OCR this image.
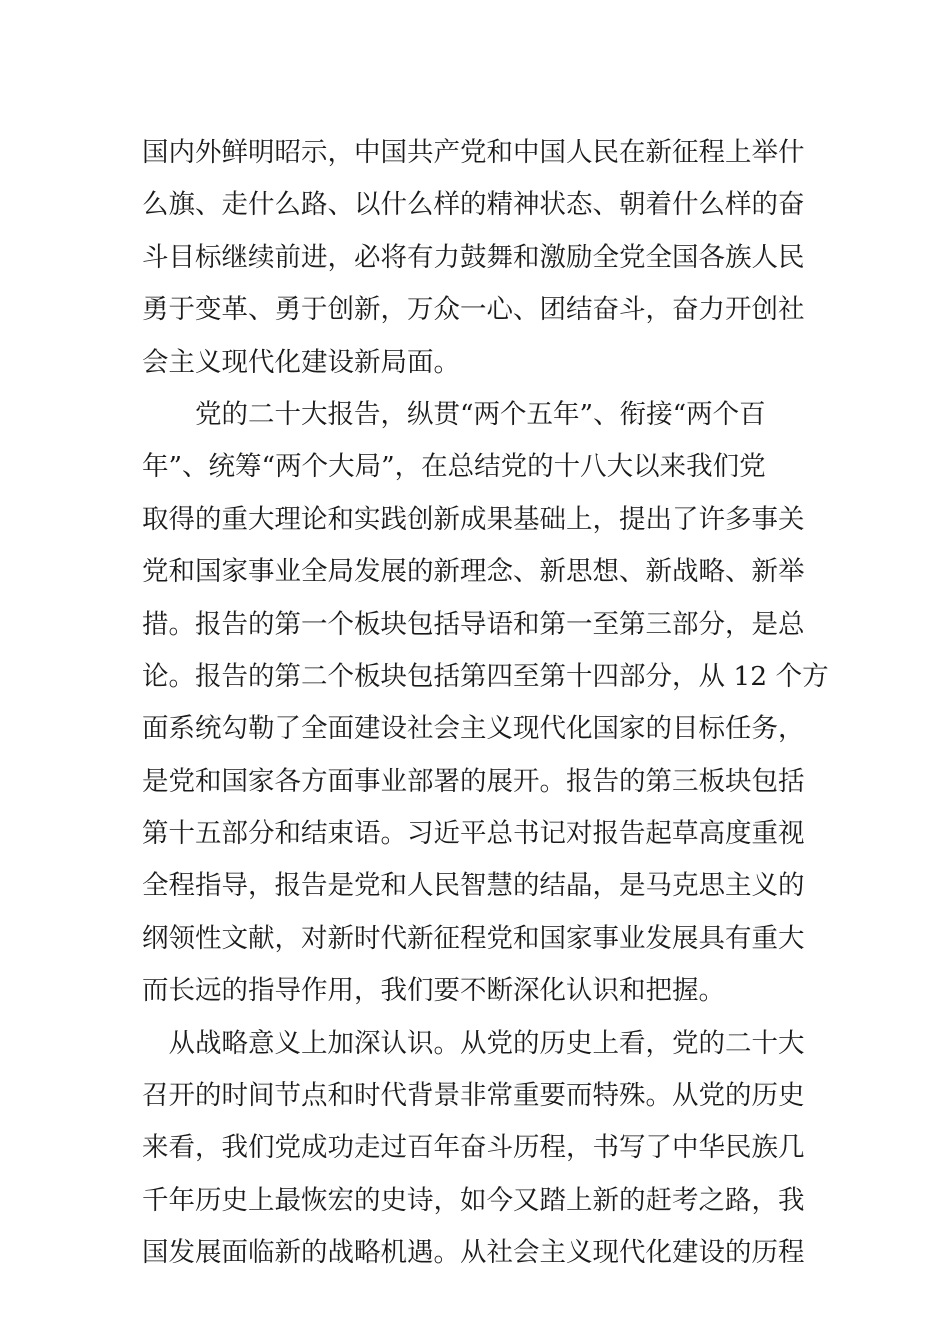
国内外鲜明昭示，中国共产党和中国人民在新征程上举什
么旗、走什么路、以什么样的精神状态、朝着什么样的奋
斗目标继续前进，必将有力鼓舞和激励全党全国各族人民
勇于变革、勇于创新，万众一心、团结奋斗，奋力开创社
会主义现代化建设新局面。
　　党的二十大报告，纵贯“两个五年”、衔接“两个百
年”、统筹“两个大局”，在总结党的十八大以来我们党
取得的重大理论和实践创新成果基础上，提出了许多事关
党和国家事业全局发展的新理念、新思想、新战略、新举
措。报告的第一个板块包括导语和第一至第三部分，是总
论。报告的第二个板块包括第四至第十四部分，从 12 个方
面系统勾勒了全面建设社会主义现代化国家的目标任务，
是党和国家各方面事业部署的展开。报告的第三板块包括
第十五部分和结束语。习近平总书记对报告起草高度重视
全程指导，报告是党和人民智慧的结晶，是马克思主义的
纲领性文献，对新时代新征程党和国家事业发展具有重大
而长远的指导作用，我们要不断深化认识和把握。
　从战略意义上加深认识。从党的历史上看，党的二十大
召开的时间节点和时代背景非常重要而特殊。从党的历史
来看，我们党成功走过百年奋斗历程，书写了中华民族几
千年历史上最恢宏的史诗，如今又踏上新的赶考之路，我
国发展面临新的战略机遇。从社会主义现代化建设的历程
